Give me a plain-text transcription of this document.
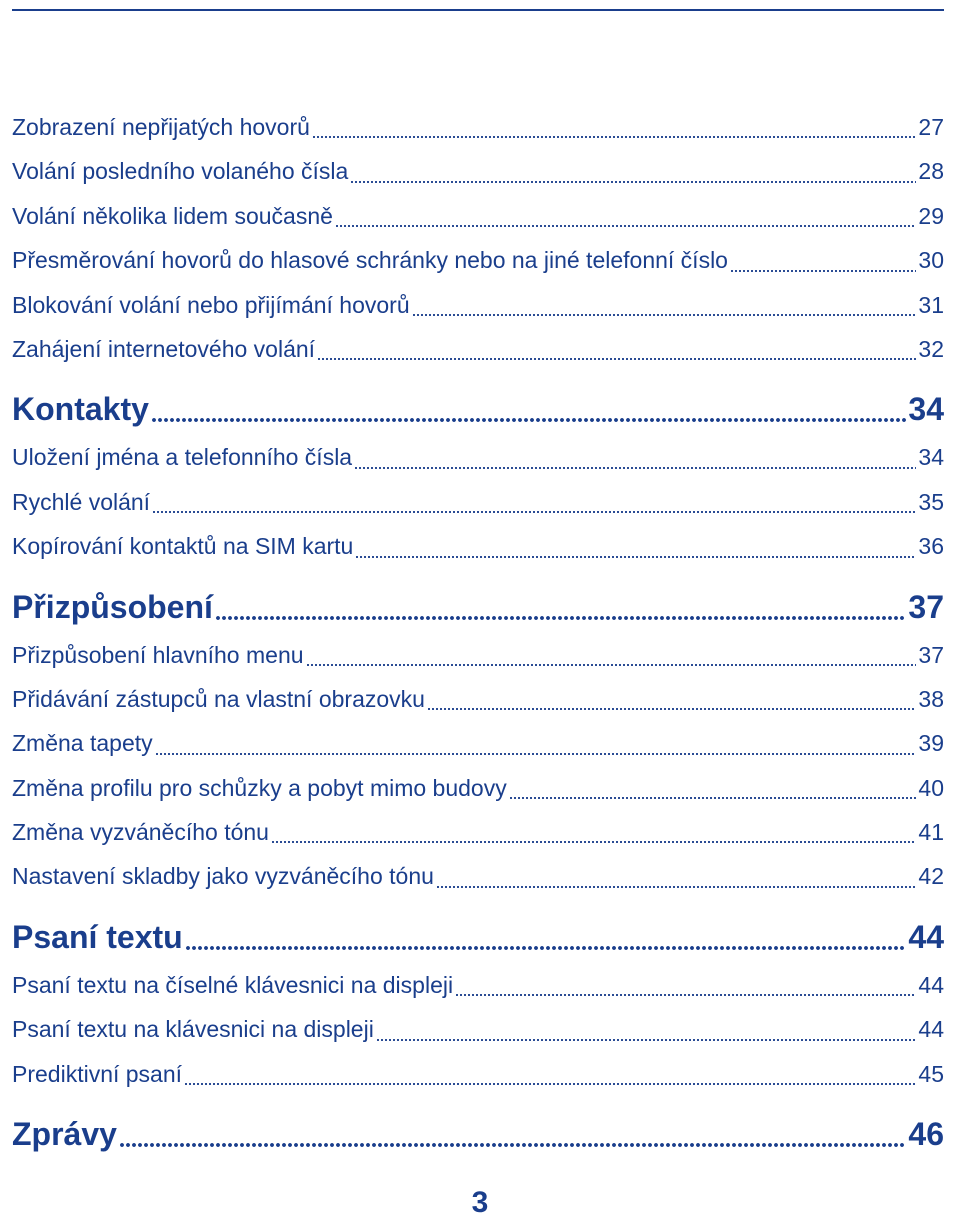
Zobrazení nepřijatých hovorů	27
Volání posledního volaného čísla	28
Volání několika lidem současně	29
Přesměrování hovorů do hlasové schránky nebo na jiné telefonní číslo	30
Blokování volání nebo přijímání hovorů	31
Zahájení internetového volání	32
Kontakty	34
Uložení jména a telefonního čísla	34
Rychlé volání	35
Kopírování kontaktů na SIM kartu	36
Přizpůsobení	37
Přizpůsobení hlavního menu	37
Přidávání zástupců na vlastní obrazovku	38
Změna tapety	39
Změna profilu pro schůzky a pobyt mimo budovy	40
Změna vyzváněcího tónu	41
Nastavení skladby jako vyzváněcího tónu	42
Psaní textu	44
Psaní textu na číselné klávesnici na displeji	44
Psaní textu na klávesnici na displeji	44
Prediktivní psaní	45
Zprávy	46
3
